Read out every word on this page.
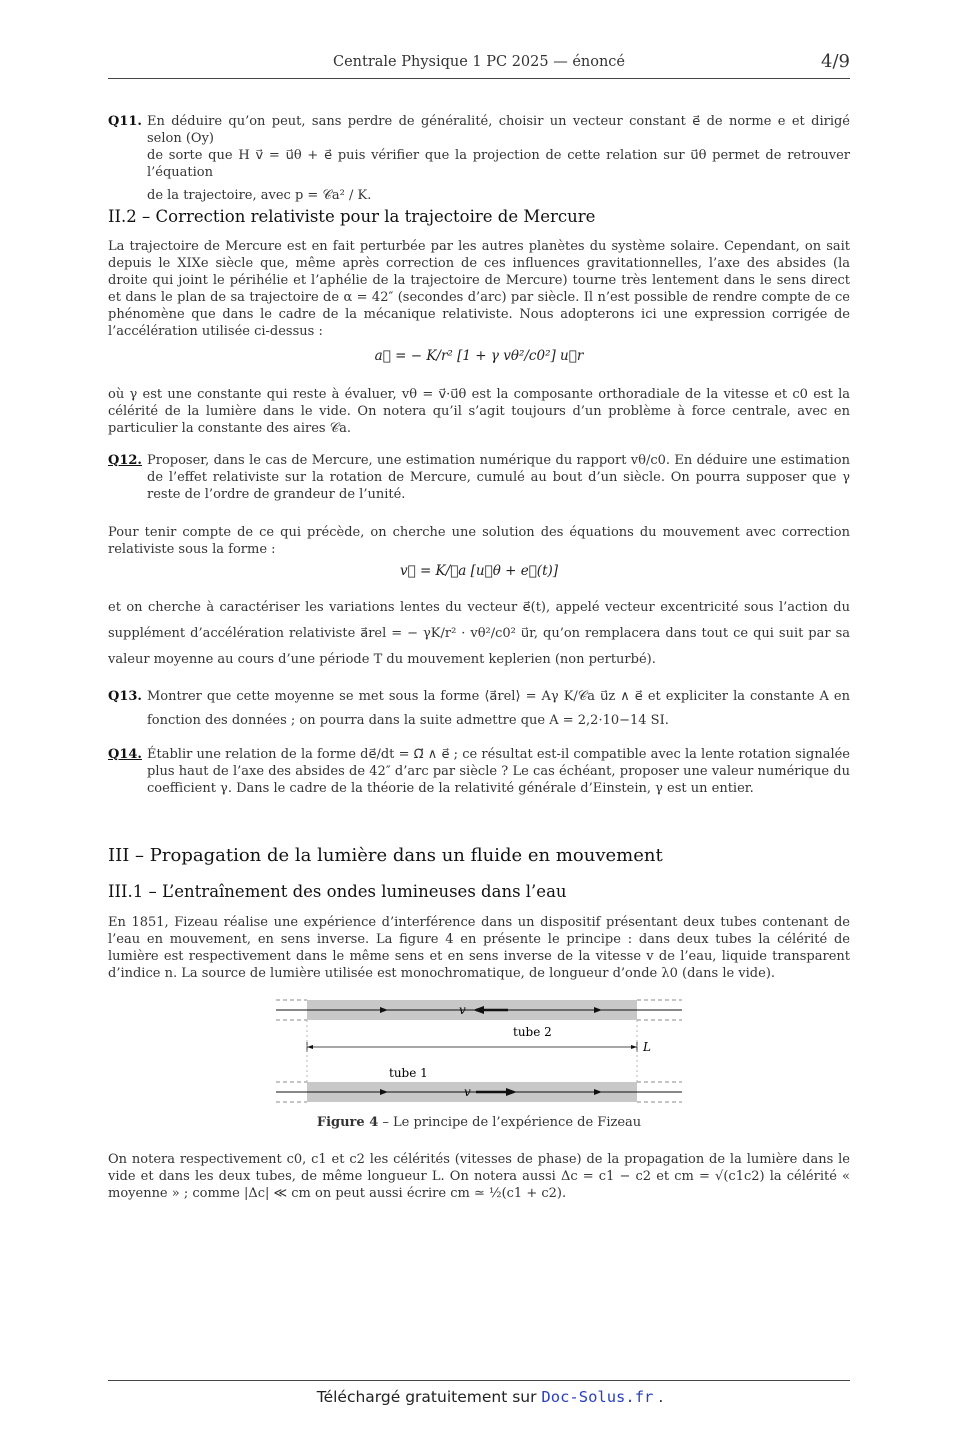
Centrale Physique 1 PC 2025 — énoncé	4/9
Q11. En déduire qu’on peut, sans perdre de généralité, choisir un vecteur constant e⃗ de norme e et dirigé selon (Oy)
de sorte que H v⃗ = u⃗θ + e⃗ puis vérifier que la projection de cette relation sur u⃗θ permet de retrouver l’équation
de la trajectoire, avec p = 𝒞a² / K.
II.2 – Correction relativiste pour la trajectoire de Mercure
La trajectoire de Mercure est en fait perturbée par les autres planètes du système solaire. Cependant, on sait depuis le XIXe siècle que, même après correction de ces influences gravitationnelles, l’axe des absides (la droite qui joint le périhélie et l’aphélie de la trajectoire de Mercure) tourne très lentement dans le sens direct et dans le plan de sa trajectoire de α = 42″ (secondes d’arc) par siècle. Il n’est possible de rendre compte de ce phénomène que dans le cadre de la mécanique relativiste. Nous adopterons ici une expression corrigée de l’accélération utilisée ci-dessus :
a⃗ = − K/r² [1 + γ vθ²/c0²] u⃗r
où γ est une constante qui reste à évaluer, vθ = v⃗·u⃗θ est la composante orthoradiale de la vitesse et c0 est la célérité de la lumière dans le vide. On notera qu’il s’agit toujours d’un problème à force centrale, avec en particulier la constante des aires 𝒞a.
Q12. Proposer, dans le cas de Mercure, une estimation numérique du rapport vθ/c0. En déduire une estimation de l’effet relativiste sur la rotation de Mercure, cumulé au bout d’un siècle. On pourra supposer que γ reste de l’ordre de grandeur de l’unité.
Pour tenir compte de ce qui précède, on cherche une solution des équations du mouvement avec correction relativiste sous la forme :
v⃗ = K/𝒞a [u⃗θ + e⃗(t)]
et on cherche à caractériser les variations lentes du vecteur e⃗(t), appelé vecteur excentricité sous l’action du supplément d’accélération relativiste a⃗rel = − γK/r² · vθ²/c0² u⃗r, qu’on remplacera dans tout ce qui suit par sa valeur moyenne au cours d’une période T du mouvement keplerien (non perturbé).
Q13. Montrer que cette moyenne se met sous la forme ⟨a⃗rel⟩ = Aγ K/𝒞a u⃗z ∧ e⃗ et expliciter la constante A en fonction des données ; on pourra dans la suite admettre que A = 2,2·10−14 SI.
Q14. Établir une relation de la forme de⃗/dt = Ω⃗ ∧ e⃗ ; ce résultat est-il compatible avec la lente rotation signalée plus haut de l’axe des absides de 42″ d’arc par siècle ? Le cas échéant, proposer une valeur numérique du coefficient γ. Dans le cadre de la théorie de la relativité générale d’Einstein, γ est un entier.
III – Propagation de la lumière dans un fluide en mouvement
III.1 – L’entraînement des ondes lumineuses dans l’eau
En 1851, Fizeau réalise une expérience d’interférence dans un dispositif présentant deux tubes contenant de l’eau en mouvement, en sens inverse. La figure 4 en présente le principe : dans deux tubes la célérité de lumière est respectivement dans le même sens et en sens inverse de la vitesse v de l’eau, liquide transparent d’indice n. La source de lumière utilisée est monochromatique, de longueur d’onde λ0 (dans le vide).
v
tube 2
L
tube 1
v
Figure 4 – Le principe de l’expérience de Fizeau
On notera respectivement c0, c1 et c2 les célérités (vitesses de phase) de la propagation de la lumière dans le vide et dans les deux tubes, de même longueur L. On notera aussi Δc = c1 − c2 et cm = √(c1c2) la célérité « moyenne » ; comme |Δc| ≪ cm on peut aussi écrire cm ≃ ½(c1 + c2).
Téléchargé gratuitement sur Doc-Solus.fr .
